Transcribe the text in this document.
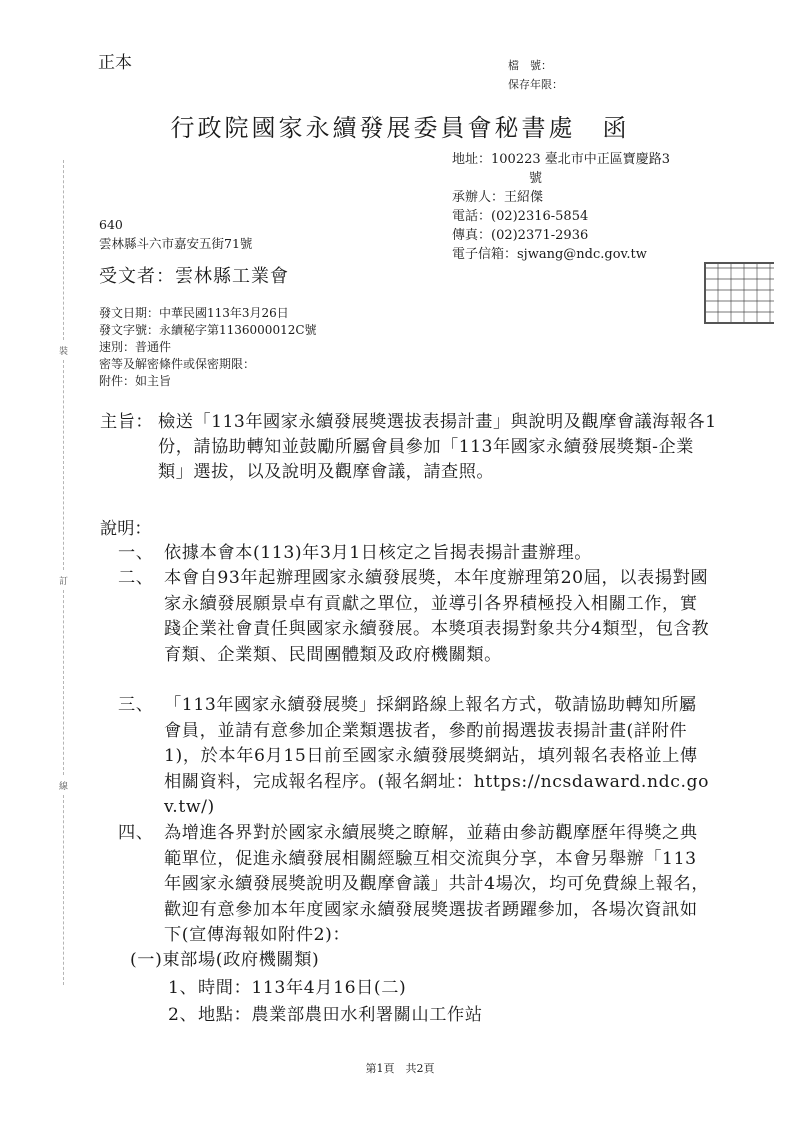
正本	檔　號：
保存年限：
行政院國家永續發展委員會秘書處　函
地址：100223 臺北市中正區寶慶路3
號
承辦人：王紹傑
電話：(02)2316-5854
傳真：(02)2371-2936
電子信箱：sjwang@ndc.gov.tw
640
雲林縣斗六市嘉安五街71號
受文者：雲林縣工業會
發文日期：中華民國113年3月26日
發文字號：永續秘字第1136000012C號
速別：普通件
密等及解密條件或保密期限：
附件：如主旨
裝
訂
線
主旨： 檢送「113年國家永續發展獎選拔表揚計畫」與說明及觀摩會議海報各1份，請協助轉知並鼓勵所屬會員參加「113年國家永續發展獎類-企業類」選拔，以及說明及觀摩會議，請查照。
說明：
一、 依據本會本(113)年3月1日核定之旨揭表揚計畫辦理。
二、 本會自93年起辦理國家永續發展獎，本年度辦理第20屆，以表揚對國家永續發展願景卓有貢獻之單位，並導引各界積極投入相關工作，實踐企業社會責任與國家永續發展。本獎項表揚對象共分4類型，包含教育類、企業類、民間團體類及政府機關類。
三、 「113年國家永續發展獎」採網路線上報名方式，敬請協助轉知所屬會員，並請有意參加企業類選拔者，參酌前揭選拔表揚計畫(詳附件1)，於本年6月15日前至國家永續發展獎網站，填列報名表格並上傳相關資料，完成報名程序。(報名網址：https://ncsdaward.ndc.gov.tw/)
四、 為增進各界對於國家永續展獎之瞭解，並藉由參訪觀摩歷年得獎之典範單位，促進永續發展相關經驗互相交流與分享，本會另舉辦「113年國家永續發展獎說明及觀摩會議」共計4場次，均可免費線上報名，歡迎有意參加本年度國家永續發展獎選拔者踴躍參加，各場次資訊如下(宣傳海報如附件2)：
(一)東部場(政府機關類)
1、時間：113年4月16日(二)
2、地點：農業部農田水利署關山工作站
第1頁　共2頁
